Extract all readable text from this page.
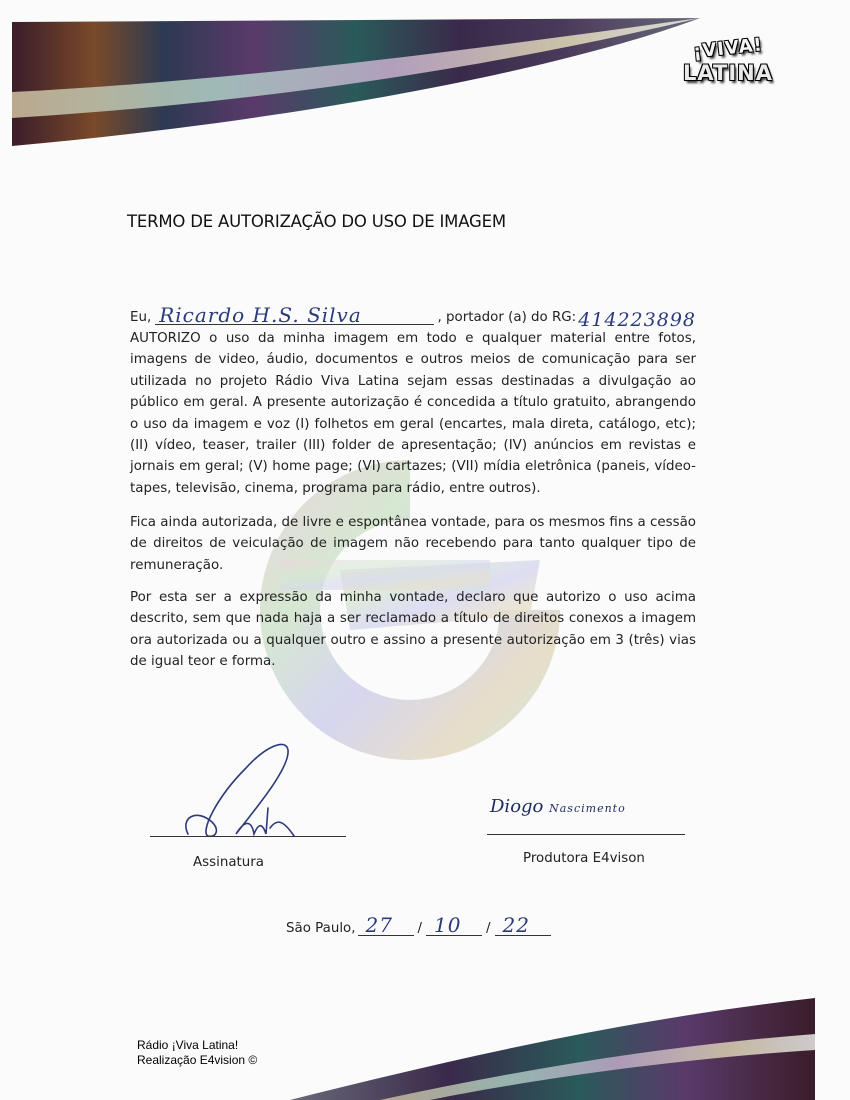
¡VIVA!
LATINA
TERMO DE AUTORIZAÇÃO DO USO DE IMAGEM
Eu, Ricardo H.S. Silva	, portador (a) do RG: 414223898

AUTORIZO o uso da minha imagem em todo e qualquer material entre fotos, imagens de video, áudio, documentos e outros meios de comunicação para ser utilizada no projeto Rádio Viva Latina sejam essas destinadas a divulgação ao público em geral. A presente autorização é concedida a título gratuito, abrangendo o uso da imagem e voz (I) folhetos em geral (encartes, mala direta, catálogo, etc); (II) vídeo, teaser, trailer (III) folder de apresentação; (IV) anúncios em revistas e jornais em geral; (V) home page; (VI) cartazes; (VII) mídia eletrônica (paneis, vídeo-tapes, televisão, cinema, programa para rádio, entre outros).

Fica ainda autorizada, de livre e espontânea vontade, para os mesmos fins a cessão de direitos de veiculação de imagem não recebendo para tanto qualquer tipo de remuneração.

Por esta ser a expressão da minha vontade, declaro que autorizo o uso acima descrito, sem que nada haja a ser reclamado a título de direitos conexos a imagem ora autorizada ou a qualquer outro e assino a presente autorização em 3 (três) vias de igual teor e forma.

Assinatura
Diogo Nascimento
Produtora E4vison
São Paulo, 27 / 10 / 22
Rádio ¡Viva Latina!
Realização E4vision ©
